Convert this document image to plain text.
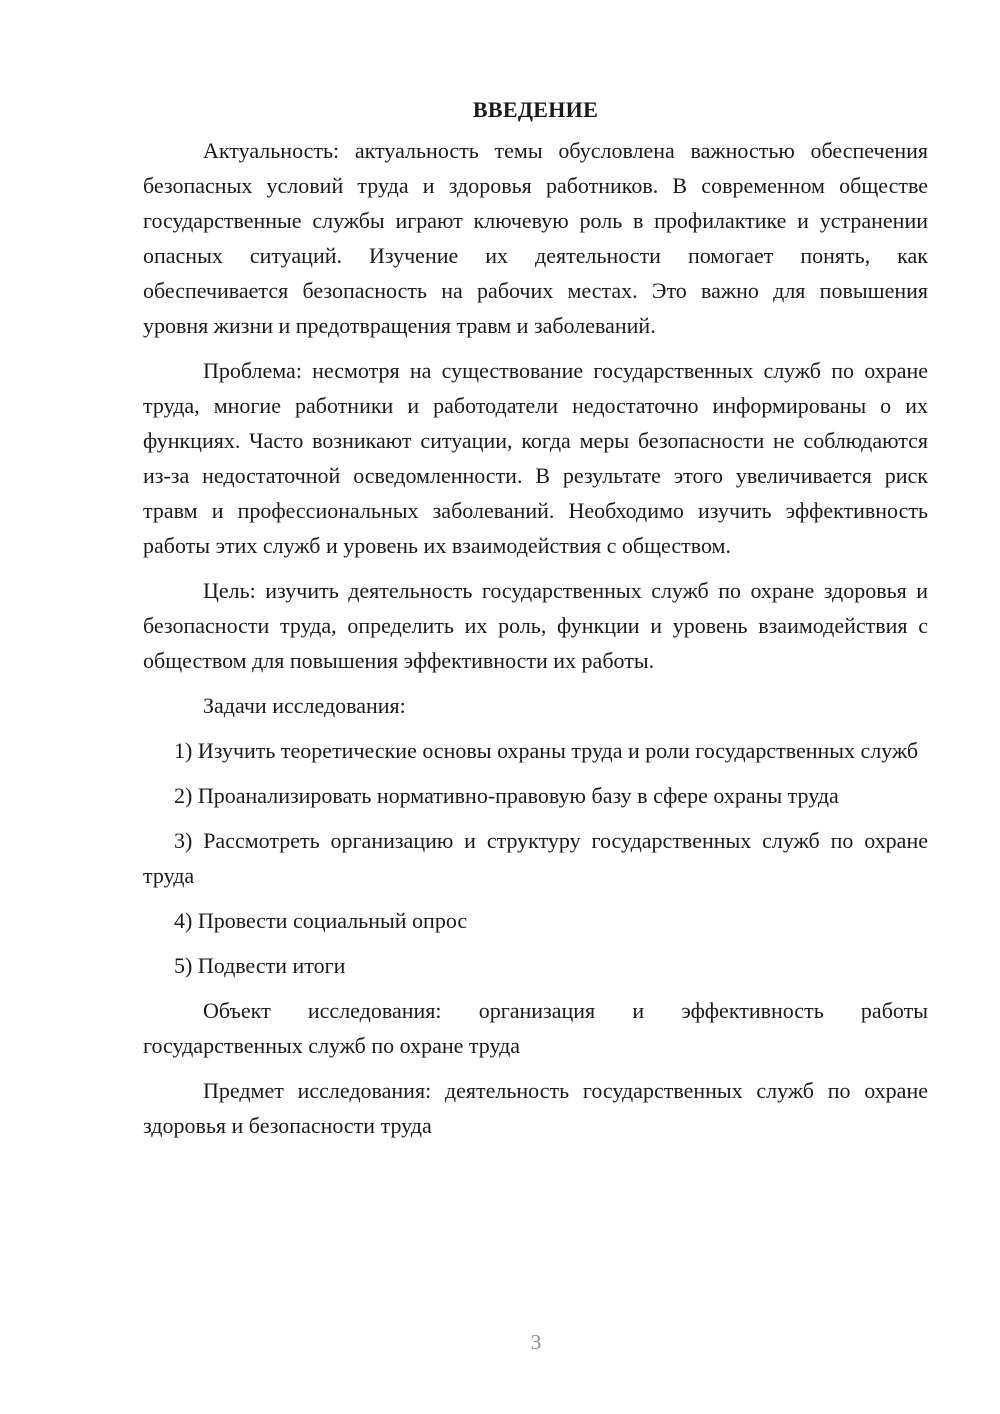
ВВЕДЕНИЕ

Актуальность: актуальность темы обусловлена важностью обеспечения безопасных условий труда и здоровья работников. В современном обществе государственные службы играют ключевую роль в профилактике и устранении опасных ситуаций. Изучение их деятельности помогает понять, как обеспечивается безопасность на рабочих местах. Это важно для повышения уровня жизни и предотвращения травм и заболеваний.

Проблема: несмотря на существование государственных служб по охране труда, многие работники и работодатели недостаточно информированы о их функциях. Часто возникают ситуации, когда меры безопасности не соблюдаются из-за недостаточной осведомленности. В результате этого увеличивается риск травм и профессиональных заболеваний. Необходимо изучить эффективность работы этих служб и уровень их взаимодействия с обществом.

Цель: изучить деятельность государственных служб по охране здоровья и безопасности труда, определить их роль, функции и уровень взаимодействия с обществом для повышения эффективности их работы.

Задачи исследования:

1) Изучить теоретические основы охраны труда и роли государственных служб

2) Проанализировать нормативно-правовую базу в сфере охраны труда

3) Рассмотреть организацию и структуру государственных служб по охране труда

4) Провести социальный опрос

5) Подвести итоги

Объект исследования: организация и эффективность работы государственных служб по охране труда

Предмет исследования: деятельность государственных служб по охране здоровья и безопасности труда

3
